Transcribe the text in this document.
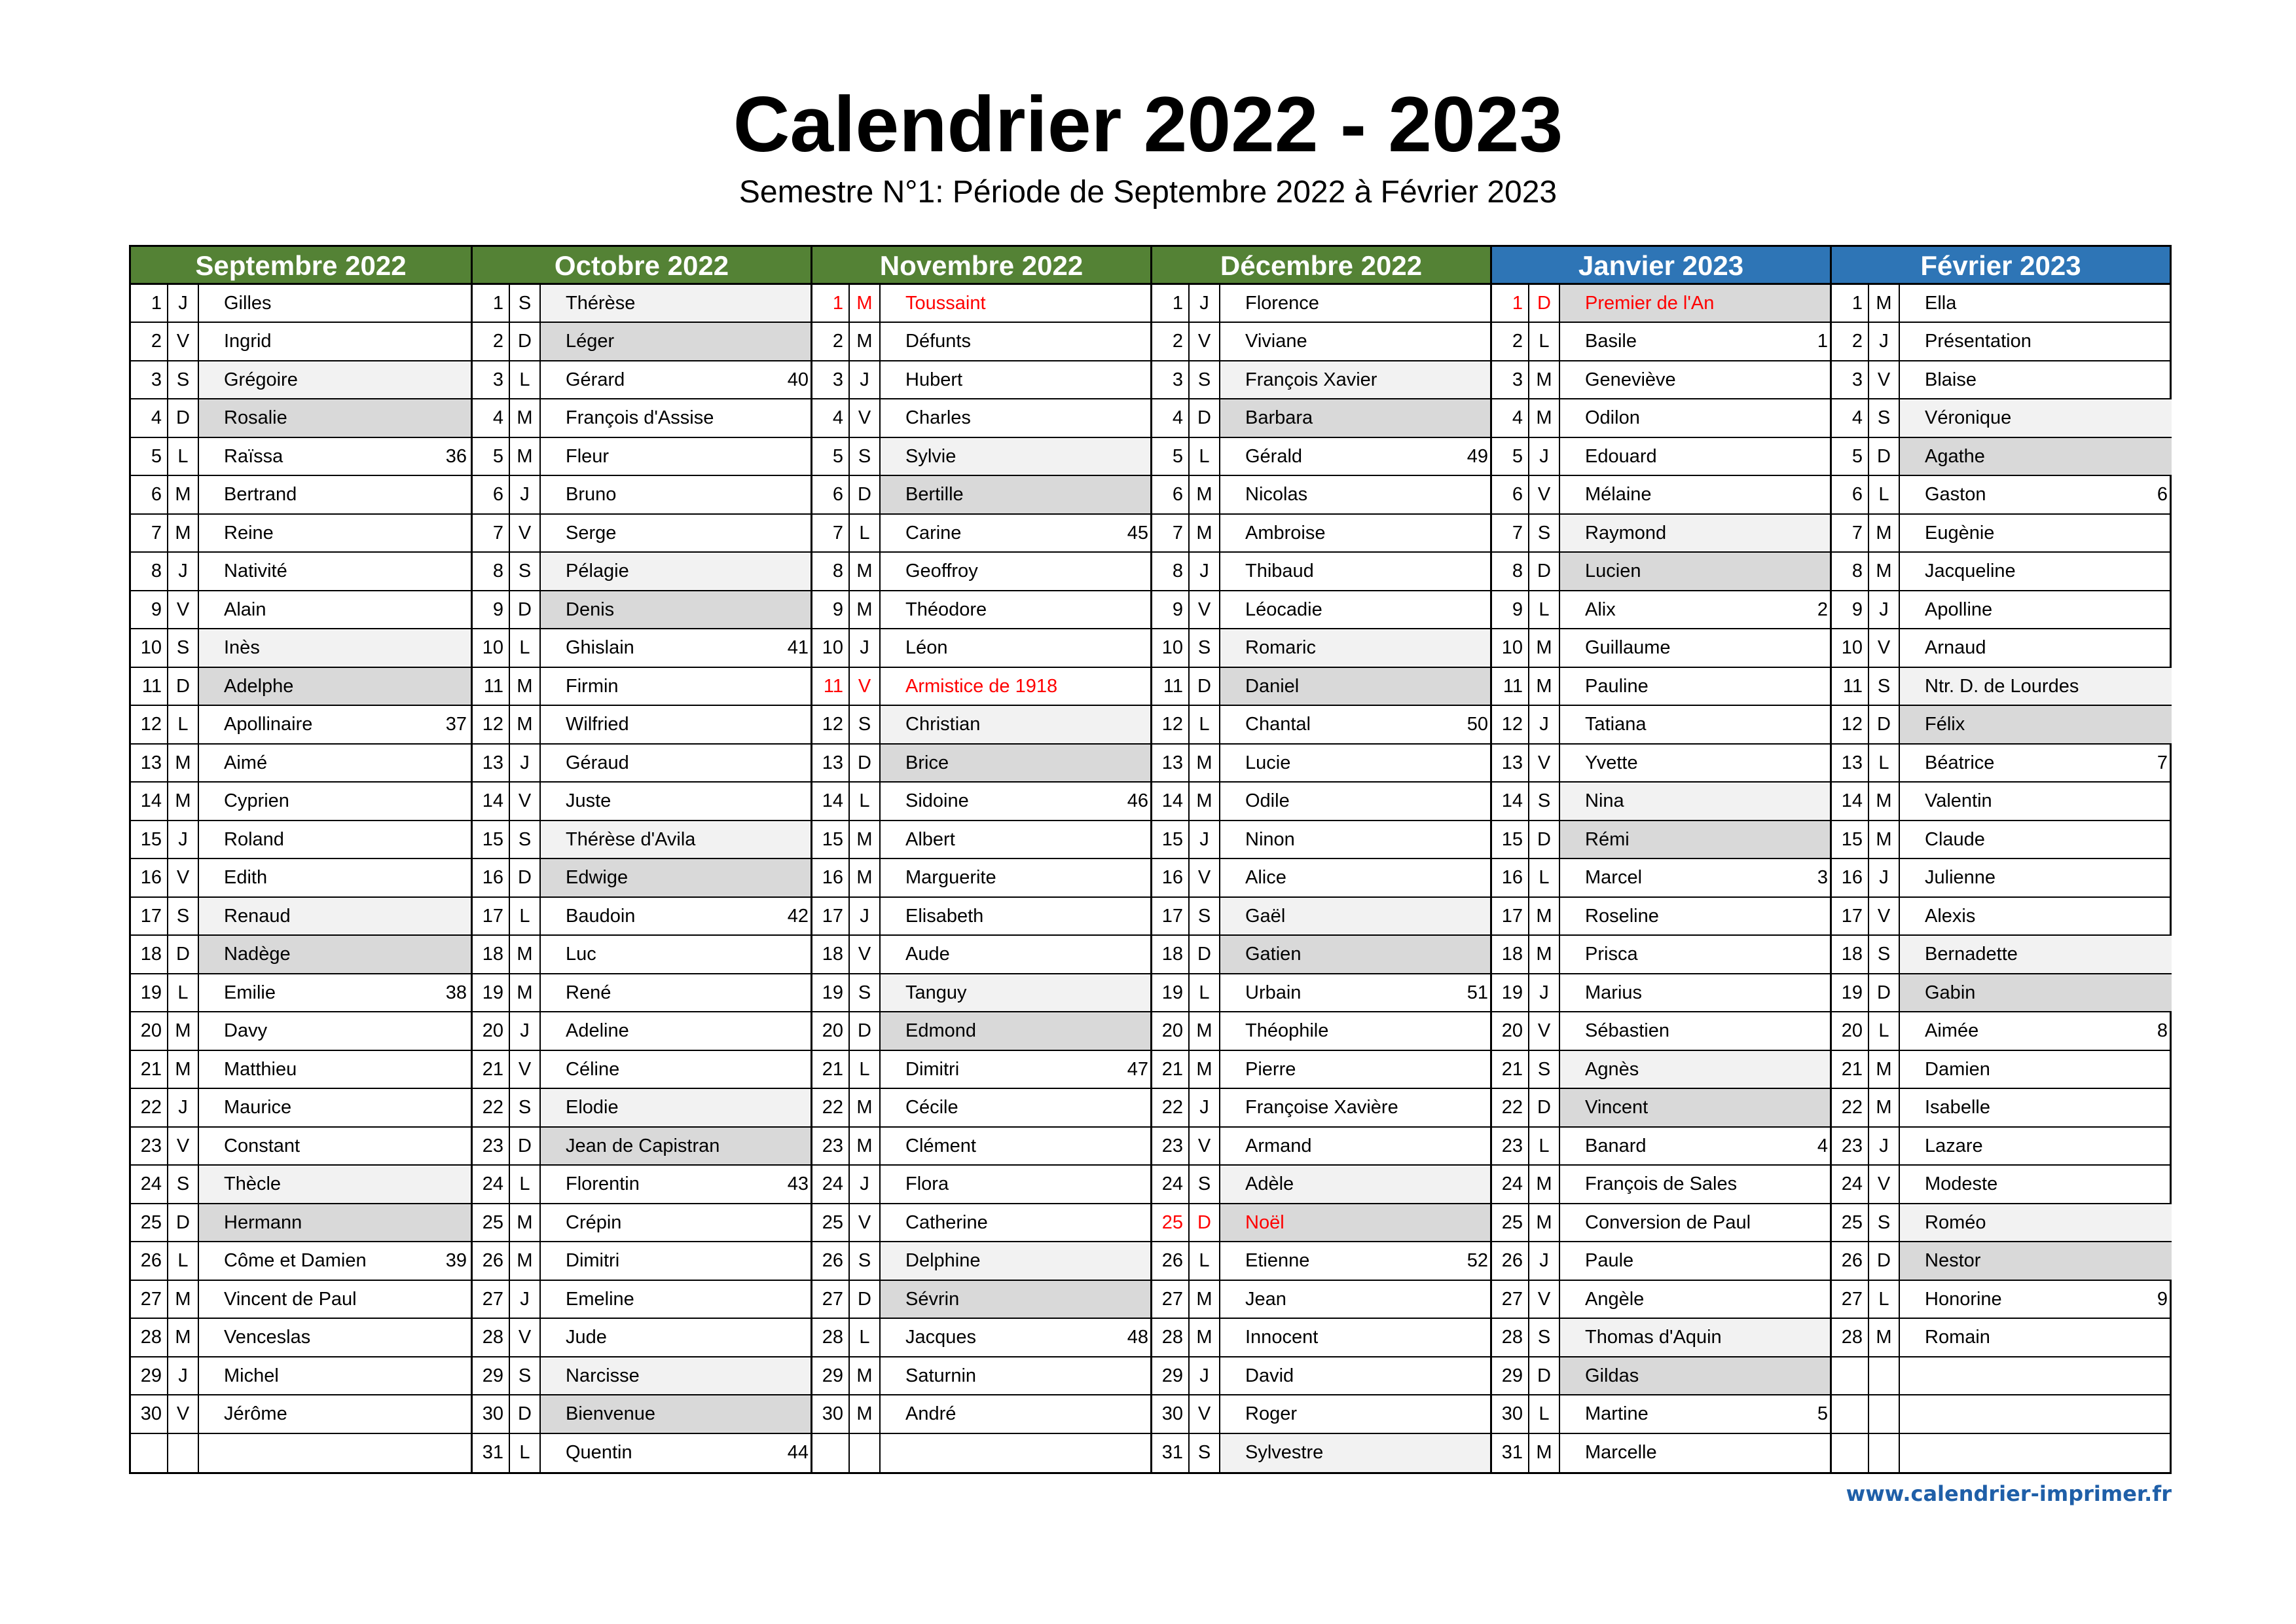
Calendrier 2022 - 2023
Semestre N°1: Période de Septembre 2022 à Février 2023
Septembre 2022
1 J	Gilles
2 V	Ingrid
3 S	Grégoire
4 D	Rosalie
5 L	Raïssa	36
6 M	Bertrand
7 M	Reine
8 J	Nativité
9 V	Alain
10 S	Inès
11 D	Adelphe
12 L	Apollinaire	37
13 M	Aimé
14 M	Cyprien
15 J	Roland
16 V	Edith
17 S	Renaud
18 D	Nadège
19 L	Emilie	38
20 M	Davy
21 M	Matthieu
22 J	Maurice
23 V	Constant
24 S	Thècle
25 D	Hermann
26 L	Côme et Damien	39
27 M	Vincent de Paul
28 M	Venceslas
29 J	Michel
30 V	Jérôme
Octobre 2022
1 S	Thérèse
2 D	Léger
3 L	Gérard	40
4 M	François d'Assise
5 M	Fleur
6 J	Bruno
7 V	Serge
8 S	Pélagie
9 D	Denis
10 L	Ghislain	41
11 M	Firmin
12 M	Wilfried
13 J	Géraud
14 V	Juste
15 S	Thérèse d'Avila
16 D	Edwige
17 L	Baudoin	42
18 M	Luc
19 M	René
20 J	Adeline
21 V	Céline
22 S	Elodie
23 D	Jean de Capistran
24 L	Florentin	43
25 M	Crépin
26 M	Dimitri
27 J	Emeline
28 V	Jude
29 S	Narcisse
30 D	Bienvenue
31 L	Quentin	44
Novembre 2022
1 M	Toussaint
2 M	Défunts
3 J	Hubert
4 V	Charles
5 S	Sylvie
6 D	Bertille
7 L	Carine	45
8 M	Geoffroy
9 M	Théodore
10 J	Léon
11 V	Armistice de 1918
12 S	Christian
13 D	Brice
14 L	Sidoine	46
15 M	Albert
16 M	Marguerite
17 J	Elisabeth
18 V	Aude
19 S	Tanguy
20 D	Edmond
21 L	Dimitri	47
22 M	Cécile
23 M	Clément
24 J	Flora
25 V	Catherine
26 S	Delphine
27 D	Sévrin
28 L	Jacques	48
29 M	Saturnin
30 M	André
Décembre 2022
1 J	Florence
2 V	Viviane
3 S	François Xavier
4 D	Barbara
5 L	Gérald	49
6 M	Nicolas
7 M	Ambroise
8 J	Thibaud
9 V	Léocadie
10 S	Romaric
11 D	Daniel
12 L	Chantal	50
13 M	Lucie
14 M	Odile
15 J	Ninon
16 V	Alice
17 S	Gaël
18 D	Gatien
19 L	Urbain	51
20 M	Théophile
21 M	Pierre
22 J	Françoise Xavière
23 V	Armand
24 S	Adèle
25 D	Noël
26 L	Etienne	52
27 M	Jean
28 M	Innocent
29 J	David
30 V	Roger
31 S	Sylvestre
Janvier 2023
1 D	Premier de l'An
2 L	Basile	1
3 M	Geneviève
4 M	Odilon
5 J	Edouard
6 V	Mélaine
7 S	Raymond
8 D	Lucien
9 L	Alix	2
10 M	Guillaume
11 M	Pauline
12 J	Tatiana
13 V	Yvette
14 S	Nina
15 D	Rémi
16 L	Marcel	3
17 M	Roseline
18 M	Prisca
19 J	Marius
20 V	Sébastien
21 S	Agnès
22 D	Vincent
23 L	Banard	4
24 M	François de Sales
25 M	Conversion de Paul
26 J	Paule
27 V	Angèle
28 S	Thomas d'Aquin
29 D	Gildas
30 L	Martine	5
31 M	Marcelle
Février 2023
1 M	Ella
2 J	Présentation
3 V	Blaise
4 S	Véronique
5 D	Agathe
6 L	Gaston	6
7 M	Eugènie
8 M	Jacqueline
9 J	Apolline
10 V	Arnaud
11 S	Ntr. D. de Lourdes
12 D	Félix
13 L	Béatrice	7
14 M	Valentin
15 M	Claude
16 J	Julienne
17 V	Alexis
18 S	Bernadette
19 D	Gabin
20 L	Aimée	8
21 M	Damien
22 M	Isabelle
23 J	Lazare
24 V	Modeste
25 S	Roméo
26 D	Nestor
27 L	Honorine	9
28 M	Romain
www.calendrier-imprimer.fr
